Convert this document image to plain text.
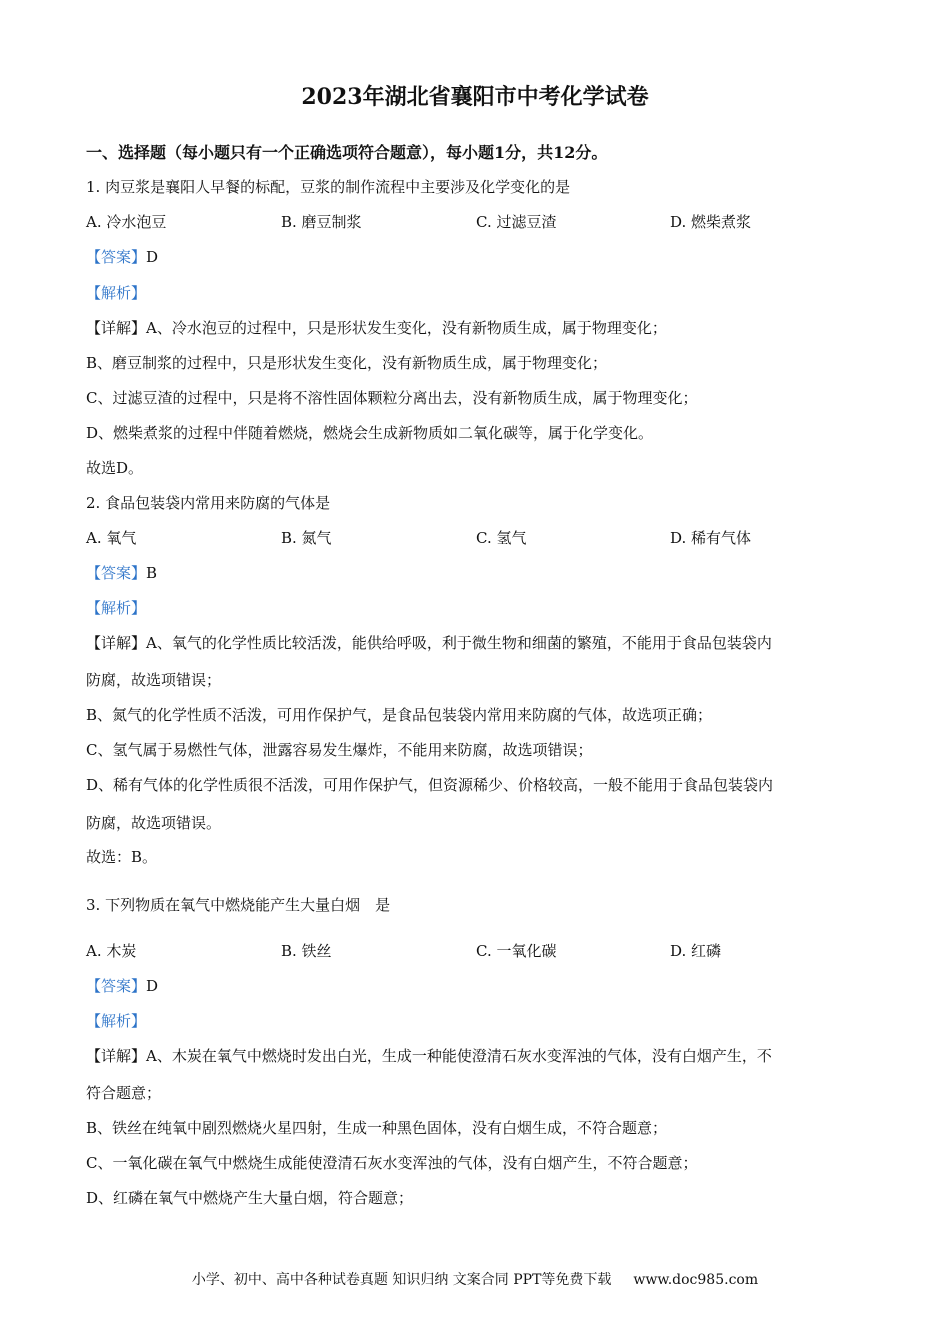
2023年湖北省襄阳市中考化学试卷
一、选择题（每小题只有一个正确选项符合题意），每小题1分，共12分。
1. 肉豆浆是襄阳人早餐的标配，豆浆的制作流程中主要涉及化学变化的是
A. 冷水泡豆	B. 磨豆制浆	C. 过滤豆渣	D. 燃柴煮浆
【答案】D
【解析】
【详解】A、冷水泡豆的过程中，只是形状发生变化，没有新物质生成，属于物理变化；
B、磨豆制浆的过程中，只是形状发生变化，没有新物质生成，属于物理变化；
C、过滤豆渣的过程中，只是将不溶性固体颗粒分离出去，没有新物质生成，属于物理变化；
D、燃柴煮浆的过程中伴随着燃烧，燃烧会生成新物质如二氧化碳等，属于化学变化。
故选D。
2. 食品包装袋内常用来防腐的气体是
A. 氧气	B. 氮气	C. 氢气	D. 稀有气体
【答案】B
【解析】
【详解】A、氧气的化学性质比较活泼，能供给呼吸，利于微生物和细菌的繁殖，不能用于食品包装袋内
防腐，故选项错误；
B、氮气的化学性质不活泼，可用作保护气，是食品包装袋内常用来防腐的气体，故选项正确；
C、氢气属于易燃性气体，泄露容易发生爆炸，不能用来防腐，故选项错误；
D、稀有气体的化学性质很不活泼，可用作保护气，但资源稀少、价格较高，一般不能用于食品包装袋内
防腐，故选项错误。
故选：B。
3. 下列物质在氧气中燃烧能产生大量白烟　是
A. 木炭	B. 铁丝	C. 一氧化碳	D. 红磷
【答案】D
【解析】
【详解】A、木炭在氧气中燃烧时发出白光，生成一种能使澄清石灰水变浑浊的气体，没有白烟产生，不
符合题意；
B、铁丝在纯氧中剧烈燃烧火星四射，生成一种黑色固体，没有白烟生成，不符合题意；
C、一氧化碳在氧气中燃烧生成能使澄清石灰水变浑浊的气体，没有白烟产生，不符合题意；
D、红磷在氧气中燃烧产生大量白烟，符合题意；
小学、初中、高中各种试卷真题 知识归纳 文案合同 PPT等免费下载 www.doc985.com
